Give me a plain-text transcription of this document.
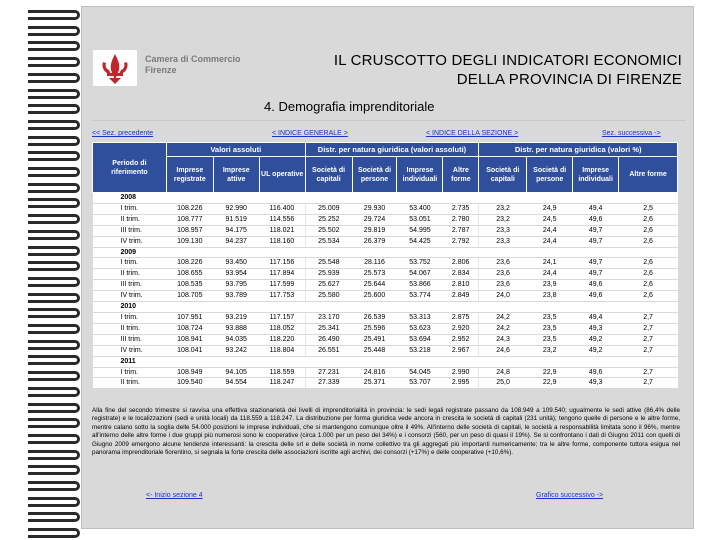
Camera di Commercio
Firenze
IL CRUSCOTTO DEGLI INDICATORI ECONOMICI
DELLA PROVINCIA DI FIRENZE
4. Demografia imprenditoriale
<< Sez. precedente	< INDICE GENERALE >	< INDICE DELLA SEZIONE >	Sez. successiva ->
Periodo di riferimento	Valori assoluti			Distr. per natura giuridica (valori assoluti)				Distr. per natura giuridica (valori %)			
	Imprese registrate	Imprese attive	UL operative	Società di capitali	Società di persone	Imprese individuali	Altre forme	Società di capitali	Società di persone	Imprese individuali	Altre forme
2008											
I trim.	108.226	92.990	116.400	25.009	29.930	53.400	2.735	23,2	24,9	49,4	2,5
II trim.	108.777	91.519	114.556	25.252	29.724	53.051	2.780	23,2	24,5	49,6	2,6
III trim.	108.957	94.175	118.021	25.502	29.819	54.995	2.787	23,3	24,4	49,7	2,6
IV trim.	109.130	94.237	118.160	25.534	26.379	54.425	2.792	23,3	24,4	49,7	2,6
2009											
I trim.	108.226	93.450	117.156	25.548	28.116	53.752	2.806	23,6	24,1	49,7	2,6
II trim.	108.655	93.954	117.894	25.939	25.573	54.067	2.834	23,6	24,4	49,7	2,6
III trim.	108.535	93.795	117.599	25.627	25.644	53.866	2.810	23,6	23,9	49,6	2,6
IV trim.	108.705	93.789	117.753	25.580	25.600	53.774	2.849	24,0	23,8	49,6	2,6
2010											
I trim.	107.951	93.219	117.157	23.170	26.539	53.313	2.875	24,2	23,5	49,4	2,7
II trim.	108.724	93.888	118.052	25.341	25.596	53.623	2.920	24,2	23,5	49,3	2,7
III trim.	108.941	94.035	118.220	26.490	25.491	53.694	2.952	24,3	23,5	49,2	2,7
IV trim.	108.041	93.242	118.804	26.551	25.448	53.218	2.967	24,6	23,2	49,2	2,7
2011											
I trim.	108.949	94.105	118.559	27.231	24.816	54.045	2.990	24,8	22,9	49,6	2,7
II trim.	109.540	94.554	118.247	27.339	25.371	53.707	2.995	25,0	22,9	49,3	2,7
Alla fine del secondo trimestre si ravvisa una effettiva stazionarietà dei livelli di imprenditorialità in provincia: le sedi legali registrate passano da 108.949 a 109.540; ugualmente le sedi attive (86,4% delle registrate) e le localizzazioni (sedi e unità locali) da 118.559 a 118.247. La distribuzione per forma giuridica vede ancora in crescita le società di capitali (231 unità); tengono quelle di persone e le altre forme, mentre calano sotto la soglia delle 54.000 posizioni le imprese individuali, che si mantengono comunque oltre il 49%. All'interno delle società di capitali, le società a responsabilità limitata sono il 96%, mentre all'interno delle altre forme i due gruppi più numerosi sono le cooperative (circa 1.000 per un peso del 34%) e i consorzi (560, per un peso di quasi il 19%). Se si confrontano i dati di Giugno 2011 con quelli di Giugno 2009 emergono alcune tendenze interessanti: la crescita delle srl e delle società in nome collettivo tra gli aggregati più importanti numericamente; tra le altre forme, componente tuttora esigua nel panorama imprenditoriale fiorentino, si segnala la forte crescita delle associazioni iscritte agli archivi, dei consorzi (+17%) e delle cooperative (+10,6%).
<- Inizio sezione 4	Grafico successivo ->
